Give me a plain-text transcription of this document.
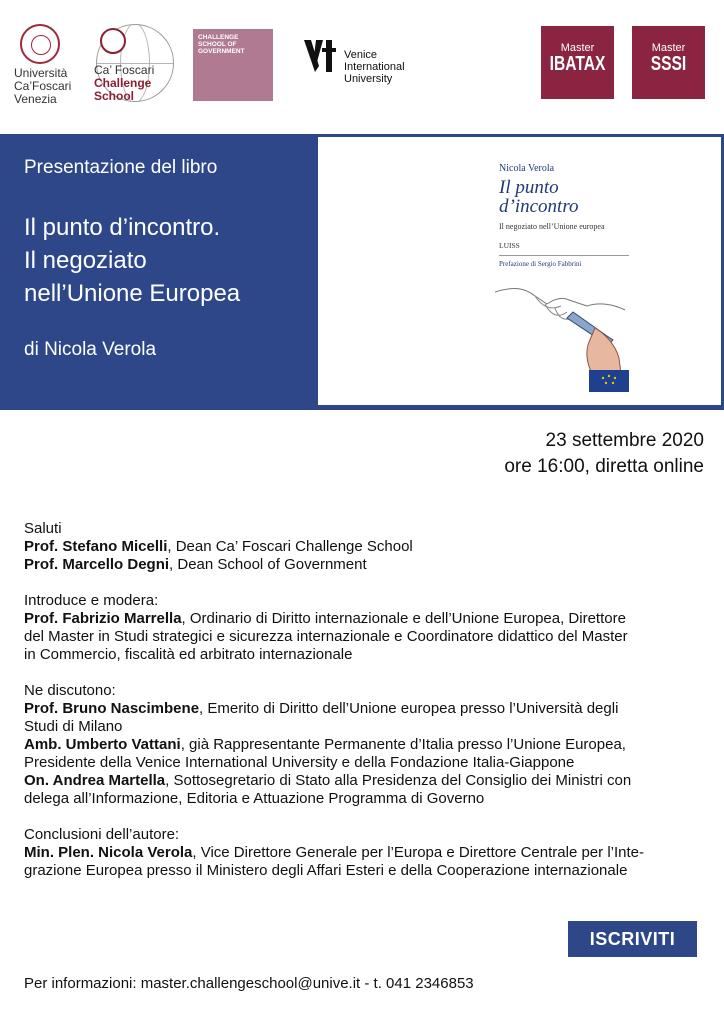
Università
Ca’Foscari
Venezia
Ca’ Foscari
Challenge
School
CHALLENGE
SCHOOL OF
GOVERNMENT	Venice
International
University
Master
IBATAX
Master
SSSI
Presentazione del libro
Il punto d’incontro.
Il negoziato
nell’Unione Europea
di Nicola Verola
Nicola Verola
Il punto
d’incontro
Il negoziato nell’Unione europea
LUISS
Prefazione di Sergio Fabbrini
23 settembre 2020
ore 16:00, diretta online

Saluti

Prof. Stefano Micelli, Dean Ca’ Foscari Challenge School

Prof. Marcello Degni, Dean School of Government

Introduce e modera:

Prof. Fabrizio Marrella, Ordinario di Diritto internazionale e dell’Unione Europea, Direttore

del Master in Studi strategici e sicurezza internazionale e Coordinatore didattico del Master

in Commercio, fiscalità ed arbitrato internazionale

Ne discutono:

Prof. Bruno Nascimbene, Emerito di Diritto dell’Unione europea presso l’Università degli

Studi di Milano

Amb. Umberto Vattani, già Rappresentante Permanente d’Italia presso l’Unione Europea,

Presidente della Venice International University e della Fondazione Italia-Giappone

On. Andrea Martella, Sottosegretario di Stato alla Presidenza del Consiglio dei Ministri con

delega all’Informazione, Editoria e Attuazione Programma di Governo

Conclusioni dell’autore:

Min. Plen. Nicola Verola, Vice Direttore Generale per l’Europa e Direttore Centrale per l’Inte-

grazione Europea presso il Ministero degli Affari Esteri e della Cooperazione internazionale

ISCRIVITI
Per informazioni: master.challengeschool@unive.it - t. 041 2346853
